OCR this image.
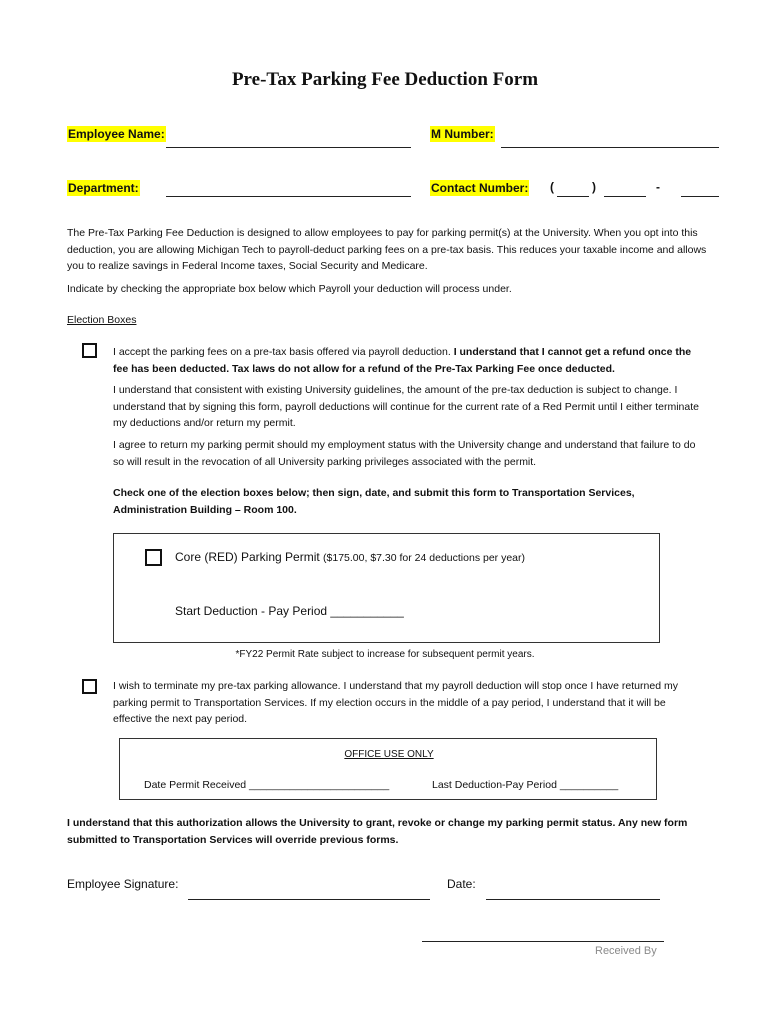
Pre-Tax Parking Fee Deduction Form
Employee Name:	M Number:
Department:	Contact Number: (	)	-
The Pre-Tax Parking Fee Deduction is designed to allow employees to pay for parking permit(s) at the University. When you opt into this deduction, you are allowing Michigan Tech to payroll-deduct parking fees on a pre-tax basis. This reduces your taxable income and allows you to realize savings in Federal Income taxes, Social Security and Medicare.
Indicate by checking the appropriate box below which Payroll your deduction will process under.
Election Boxes
I accept the parking fees on a pre-tax basis offered via payroll deduction. I understand that I cannot get a refund once the fee has been deducted. Tax laws do not allow for a refund of the Pre-Tax Parking Fee once deducted.
I understand that consistent with existing University guidelines, the amount of the pre-tax deduction is subject to change. I understand that by signing this form, payroll deductions will continue for the current rate of a Red Permit until I either terminate my deductions and/or return my permit.
I agree to return my parking permit should my employment status with the University change and understand that failure to do so will result in the revocation of all University parking privileges associated with the permit.
Check one of the election boxes below; then sign, date, and submit this form to Transportation Services, Administration Building – Room 100.
Core (RED) Parking Permit ($175.00, $7.30 for 24 deductions per year)
Start Deduction - Pay Period ___________
*FY22 Permit Rate subject to increase for subsequent permit years.
I wish to terminate my pre-tax parking allowance. I understand that my payroll deduction will stop once I have returned my parking permit to Transportation Services. If my election occurs in the middle of a pay period, I understand that it will be effective the next pay period.
OFFICE USE ONLY
Date Permit Received ________________________	Last Deduction-Pay Period __________
I understand that this authorization allows the University to grant, revoke or change my parking permit status. Any new form submitted to Transportation Services will override previous forms.
Employee Signature:	Date:
Received By
